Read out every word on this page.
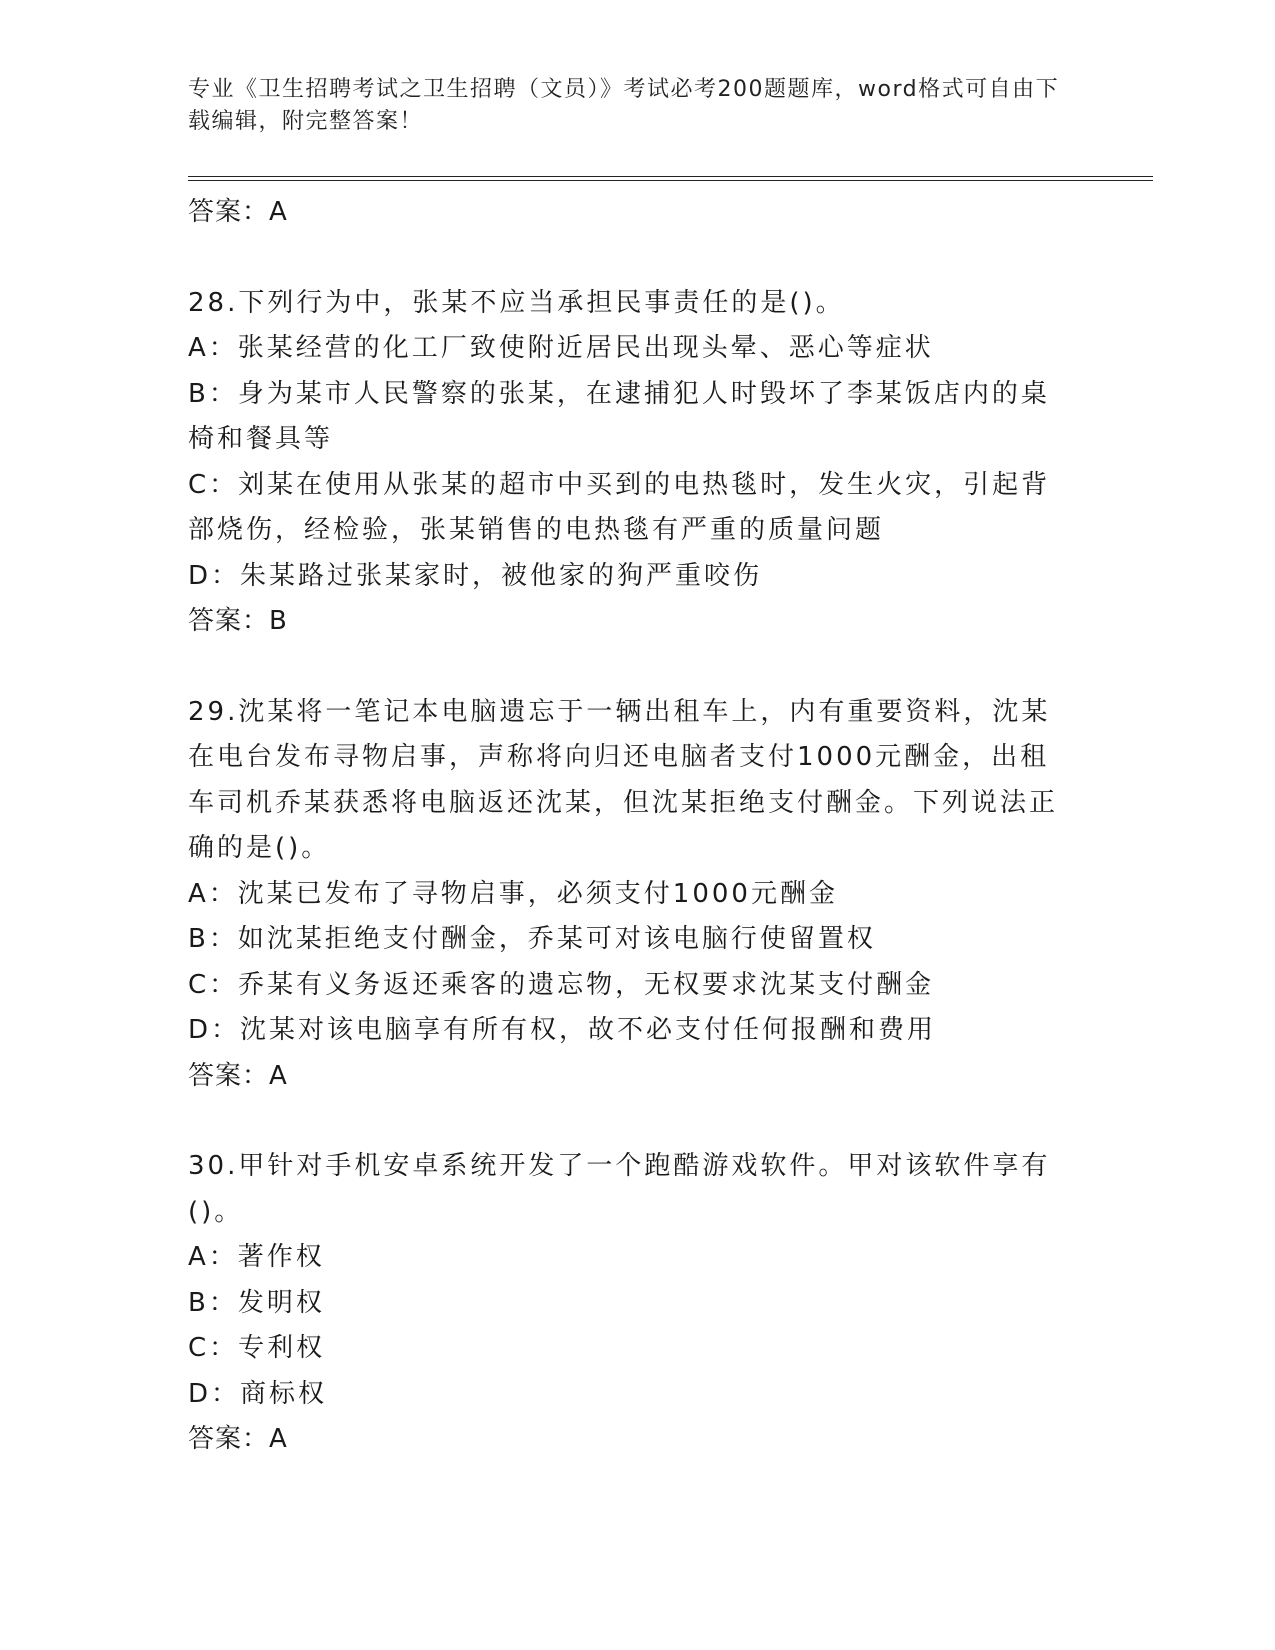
专业《卫生招聘考试之卫生招聘（文员）》考试必考200题题库，word格式可自由下载编辑，附完整答案！
答案：A
28.下列行为中，张某不应当承担民事责任的是()。
A：张某经营的化工厂致使附近居民出现头晕、恶心等症状
B：身为某市人民警察的张某，在逮捕犯人时毁坏了李某饭店内的桌椅和餐具等
C：刘某在使用从张某的超市中买到的电热毯时，发生火灾，引起背部烧伤，经检验，张某销售的电热毯有严重的质量问题
D：朱某路过张某家时，被他家的狗严重咬伤
答案：B
29.沈某将一笔记本电脑遗忘于一辆出租车上，内有重要资料，沈某在电台发布寻物启事，声称将向归还电脑者支付1000元酬金，出租车司机乔某获悉将电脑返还沈某，但沈某拒绝支付酬金。下列说法正确的是()。
A：沈某已发布了寻物启事，必须支付1000元酬金
B：如沈某拒绝支付酬金，乔某可对该电脑行使留置权
C：乔某有义务返还乘客的遗忘物，无权要求沈某支付酬金
D：沈某对该电脑享有所有权，故不必支付任何报酬和费用
答案：A
30.甲针对手机安卓系统开发了一个跑酷游戏软件。甲对该软件享有()。
A：著作权
B：发明权
C：专利权
D：商标权
答案：A
